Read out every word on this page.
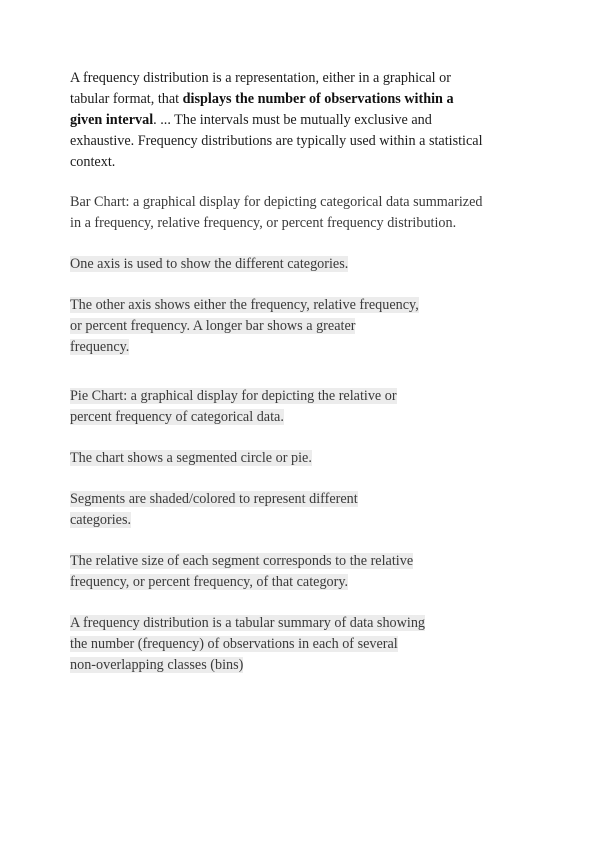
A frequency distribution is a representation, either in a graphical or
tabular format, that displays the number of observations within a
given interval. ... The intervals must be mutually exclusive and
exhaustive. Frequency distributions are typically used within a statistical
context.

Bar Chart: a graphical display for depicting categorical data summarized
in a frequency, relative frequency, or percent frequency distribution.

One axis is used to show the different categories.

The other axis shows either the frequency, relative frequency,
or percent frequency. A longer bar shows a greater
frequency.

Pie Chart: a graphical display for depicting the relative or
percent frequency of categorical data.

The chart shows a segmented circle or pie.

Segments are shaded/colored to represent different
categories.

The relative size of each segment corresponds to the relative
frequency, or percent frequency, of that category.

A frequency distribution is a tabular summary of data showing
the number (frequency) of observations in each of several
non-overlapping classes (bins)
